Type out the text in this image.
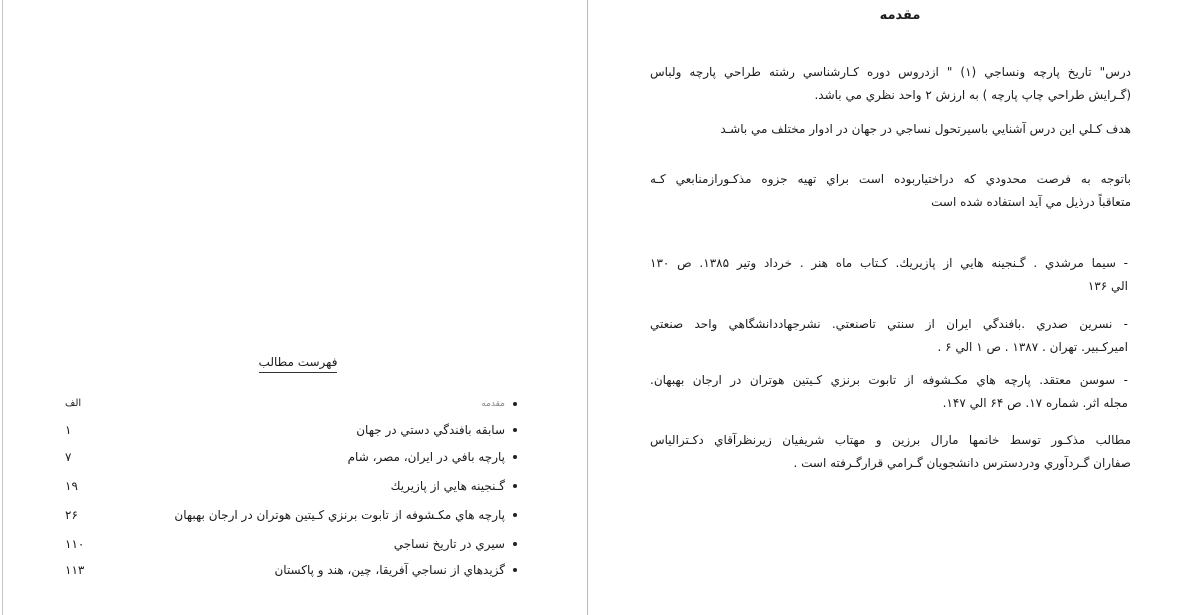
فهرست مطالب
مقدمه
الف
سابقه بافندگي دستي در جهان
۱
پارچه بافي در ايران، مصر، شام
۷
گـنجينه هايي از پازيريك
۱۹
پارچه هاي مكـشوفه از تابوت برنزي كـيتين هوتران در ارجان بهبهان
۲۶
سيري در تاريخ نساجي
۱۱۰
گزيدهاي از نساجي آفريقا، چين، هند و پاكستان
۱۱۳
مقدمه
درس" تاريخ پارچه ونساجي (۱) " ازدروس دوره كـارشناسي رشته طراحي پارچه ولباس
(گـرايش طراحي چاپ پارچه ) به ارزش ۲ واحد نظري مي باشد.
هدف كـلي اين درس آشنايي باسيرتحول نساجي در جهان در ادوار مختلف مي باشـد
باتوجه به فرصت محدودي كه دراختياربوده است براي تهيه جزوه مذكـورازمنابعي كـه
متعاقباً درذيل مي آيد استفاده شده است
- سيما مرشدي . گـنجينه هايي از پازيريك. كـتاب ماه هنر . خرداد وتير ۱۳۸۵. ص ۱۳۰
الي ۱۳۶
- نسرين صدري .بافندگي ايران از سنتي تاصنعتي. نشرجهاددانشگاهي واحد صنعتي
اميركـبير. تهران . ۱۳۸۷ . ص ۱ الي ۶ .
- سوسن معتقد. پارچه هاي مكـشوفه از تابوت برنزي كـيتين هوتران در ارجان بهبهان.
مجله اثر. شماره ۱۷. ص ۶۴ الي ۱۴۷.
مطالب مذكـور توسط خانمها مارال برزين و مهتاب شريفيان زيرنظرآقاي دكـترالياس
صفاران گـردآوري ودردسترس دانشجويان گـرامي قرارگـرفته است .
